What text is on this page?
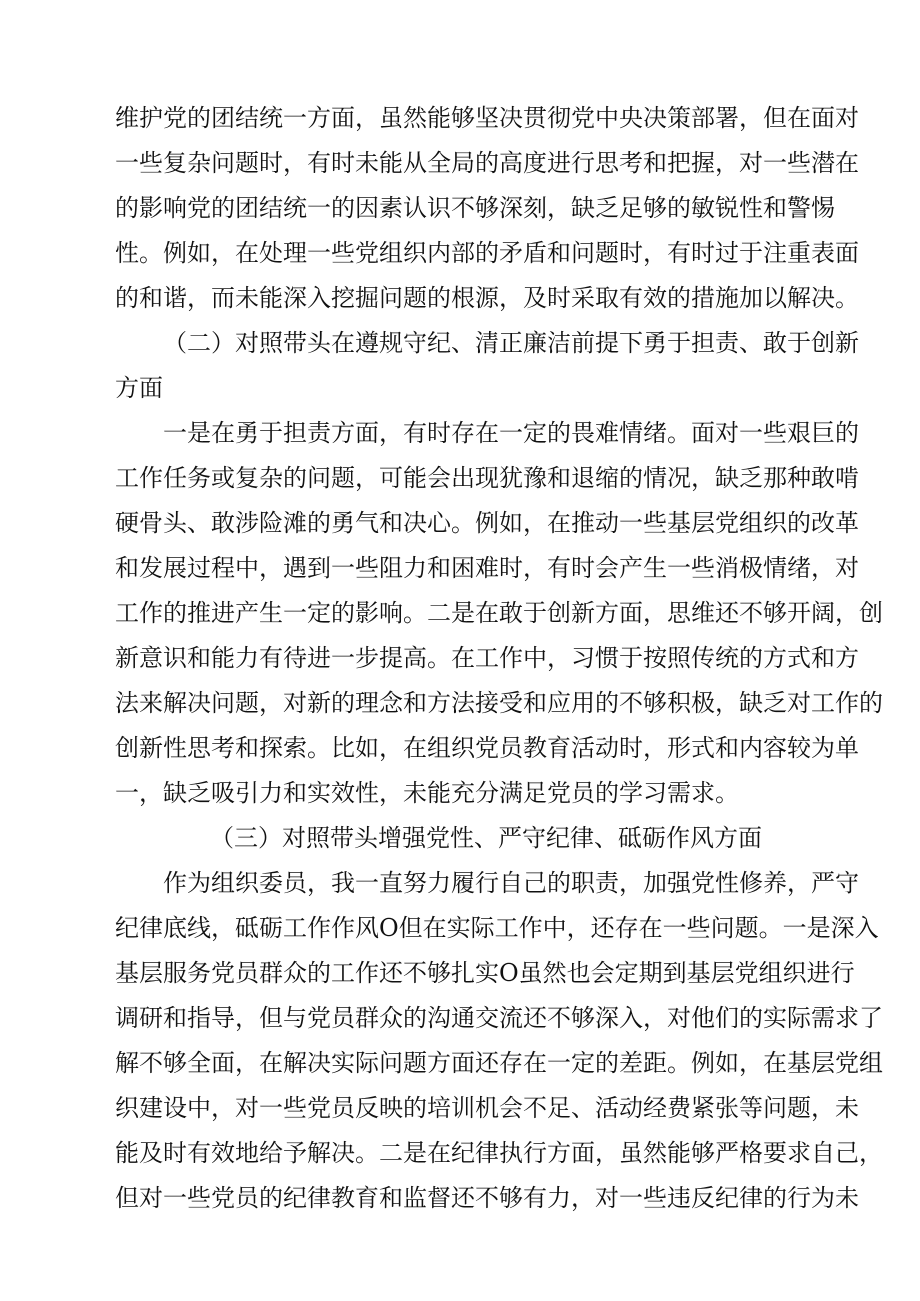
维护党的团结统一方面，虽然能够坚决贯彻党中央决策部署，但在面对
一些复杂问题时，有时未能从全局的高度进行思考和把握，对一些潜在
的影响党的团结统一的因素认识不够深刻，缺乏足够的敏锐性和警惕
性。例如，在处理一些党组织内部的矛盾和问题时，有时过于注重表面
的和谐，而未能深入挖掘问题的根源，及时采取有效的措施加以解决。
（二）对照带头在遵规守纪、清正廉洁前提下勇于担责、敢于创新
方面
一是在勇于担责方面，有时存在一定的畏难情绪。面对一些艰巨的
工作任务或复杂的问题，可能会出现犹豫和退缩的情况，缺乏那种敢啃
硬骨头、敢涉险滩的勇气和决心。例如，在推动一些基层党组织的改革
和发展过程中，遇到一些阻力和困难时，有时会产生一些消极情绪，对
工作的推进产生一定的影响。二是在敢于创新方面，思维还不够开阔，创
新意识和能力有待进一步提高。在工作中，习惯于按照传统的方式和方
法来解决问题，对新的理念和方法接受和应用的不够积极，缺乏对工作的
创新性思考和探索。比如，在组织党员教育活动时，形式和内容较为单
一，缺乏吸引力和实效性，未能充分满足党员的学习需求。
（三）对照带头增强党性、严守纪律、砥砺作风方面
作为组织委员，我一直努力履行自己的职责，加强党性修养，严守
纪律底线，砥砺工作作风O但在实际工作中，还存在一些问题。一是深入
基层服务党员群众的工作还不够扎实O虽然也会定期到基层党组织进行
调研和指导，但与党员群众的沟通交流还不够深入，对他们的实际需求了
解不够全面，在解决实际问题方面还存在一定的差距。例如，在基层党组
织建设中，对一些党员反映的培训机会不足、活动经费紧张等问题，未
能及时有效地给予解决。二是在纪律执行方面，虽然能够严格要求自己，
但对一些党员的纪律教育和监督还不够有力，对一些违反纪律的行为未
